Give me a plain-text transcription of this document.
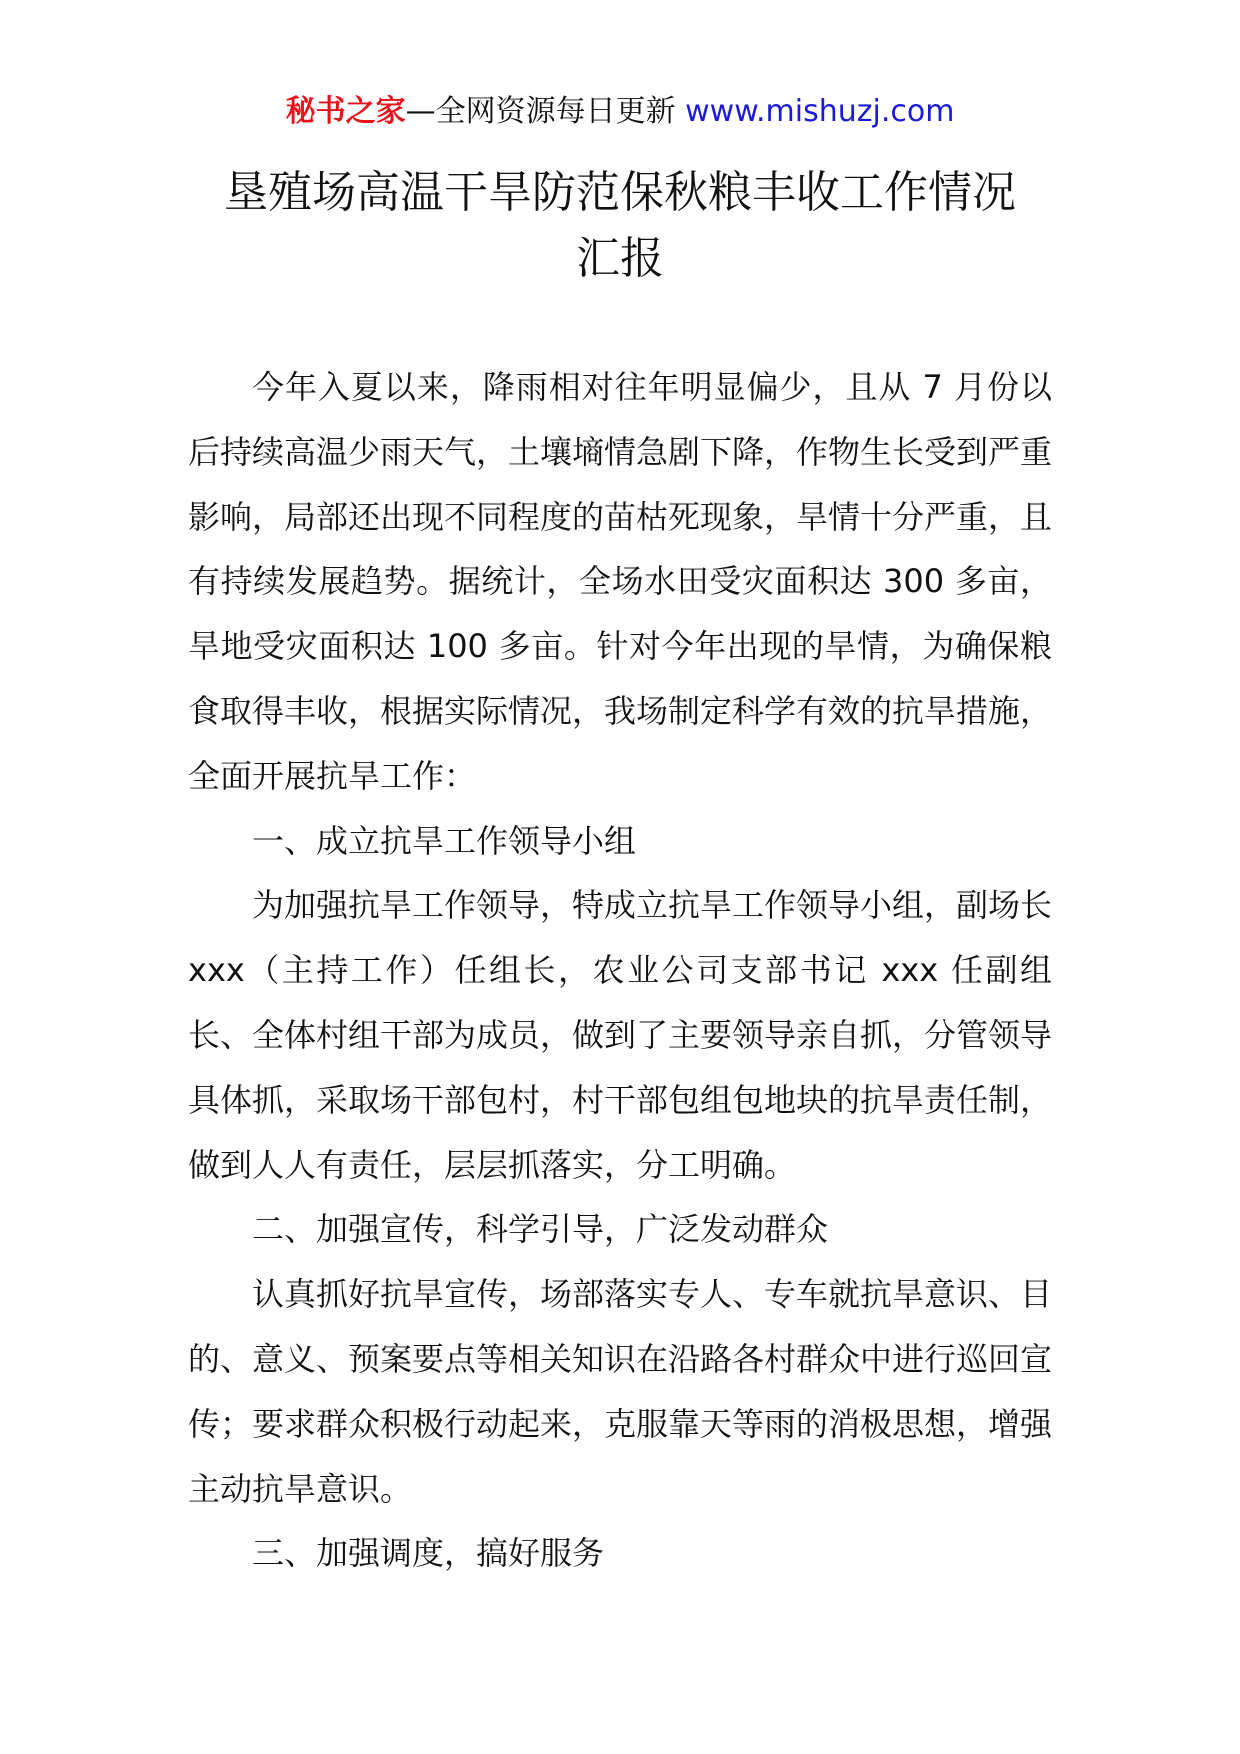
秘书之家—全网资源每日更新 www.mishuzj.com
垦殖场高温干旱防范保秋粮丰收工作情况
汇报

今年入夏以来，降雨相对往年明显偏少，且从 7 月份以后持续高温少雨天气，土壤墒情急剧下降，作物生长受到严重影响，局部还出现不同程度的苗枯死现象，旱情十分严重，且有持续发展趋势。据统计，全场水田受灾面积达 300 多亩，旱地受灾面积达 100 多亩。针对今年出现的旱情，为确保粮食取得丰收，根据实际情况，我场制定科学有效的抗旱措施，全面开展抗旱工作：

一、成立抗旱工作领导小组

为加强抗旱工作领导，特成立抗旱工作领导小组，副场长 xxx（主持工作）任组长，农业公司支部书记 xxx 任副组长、全体村组干部为成员，做到了主要领导亲自抓，分管领导具体抓，采取场干部包村，村干部包组包地块的抗旱责任制，做到人人有责任，层层抓落实，分工明确。

二、加强宣传，科学引导，广泛发动群众

认真抓好抗旱宣传，场部落实专人、专车就抗旱意识、目的、意义、预案要点等相关知识在沿路各村群众中进行巡回宣传；要求群众积极行动起来，克服靠天等雨的消极思想，增强主动抗旱意识。

三、加强调度，搞好服务
